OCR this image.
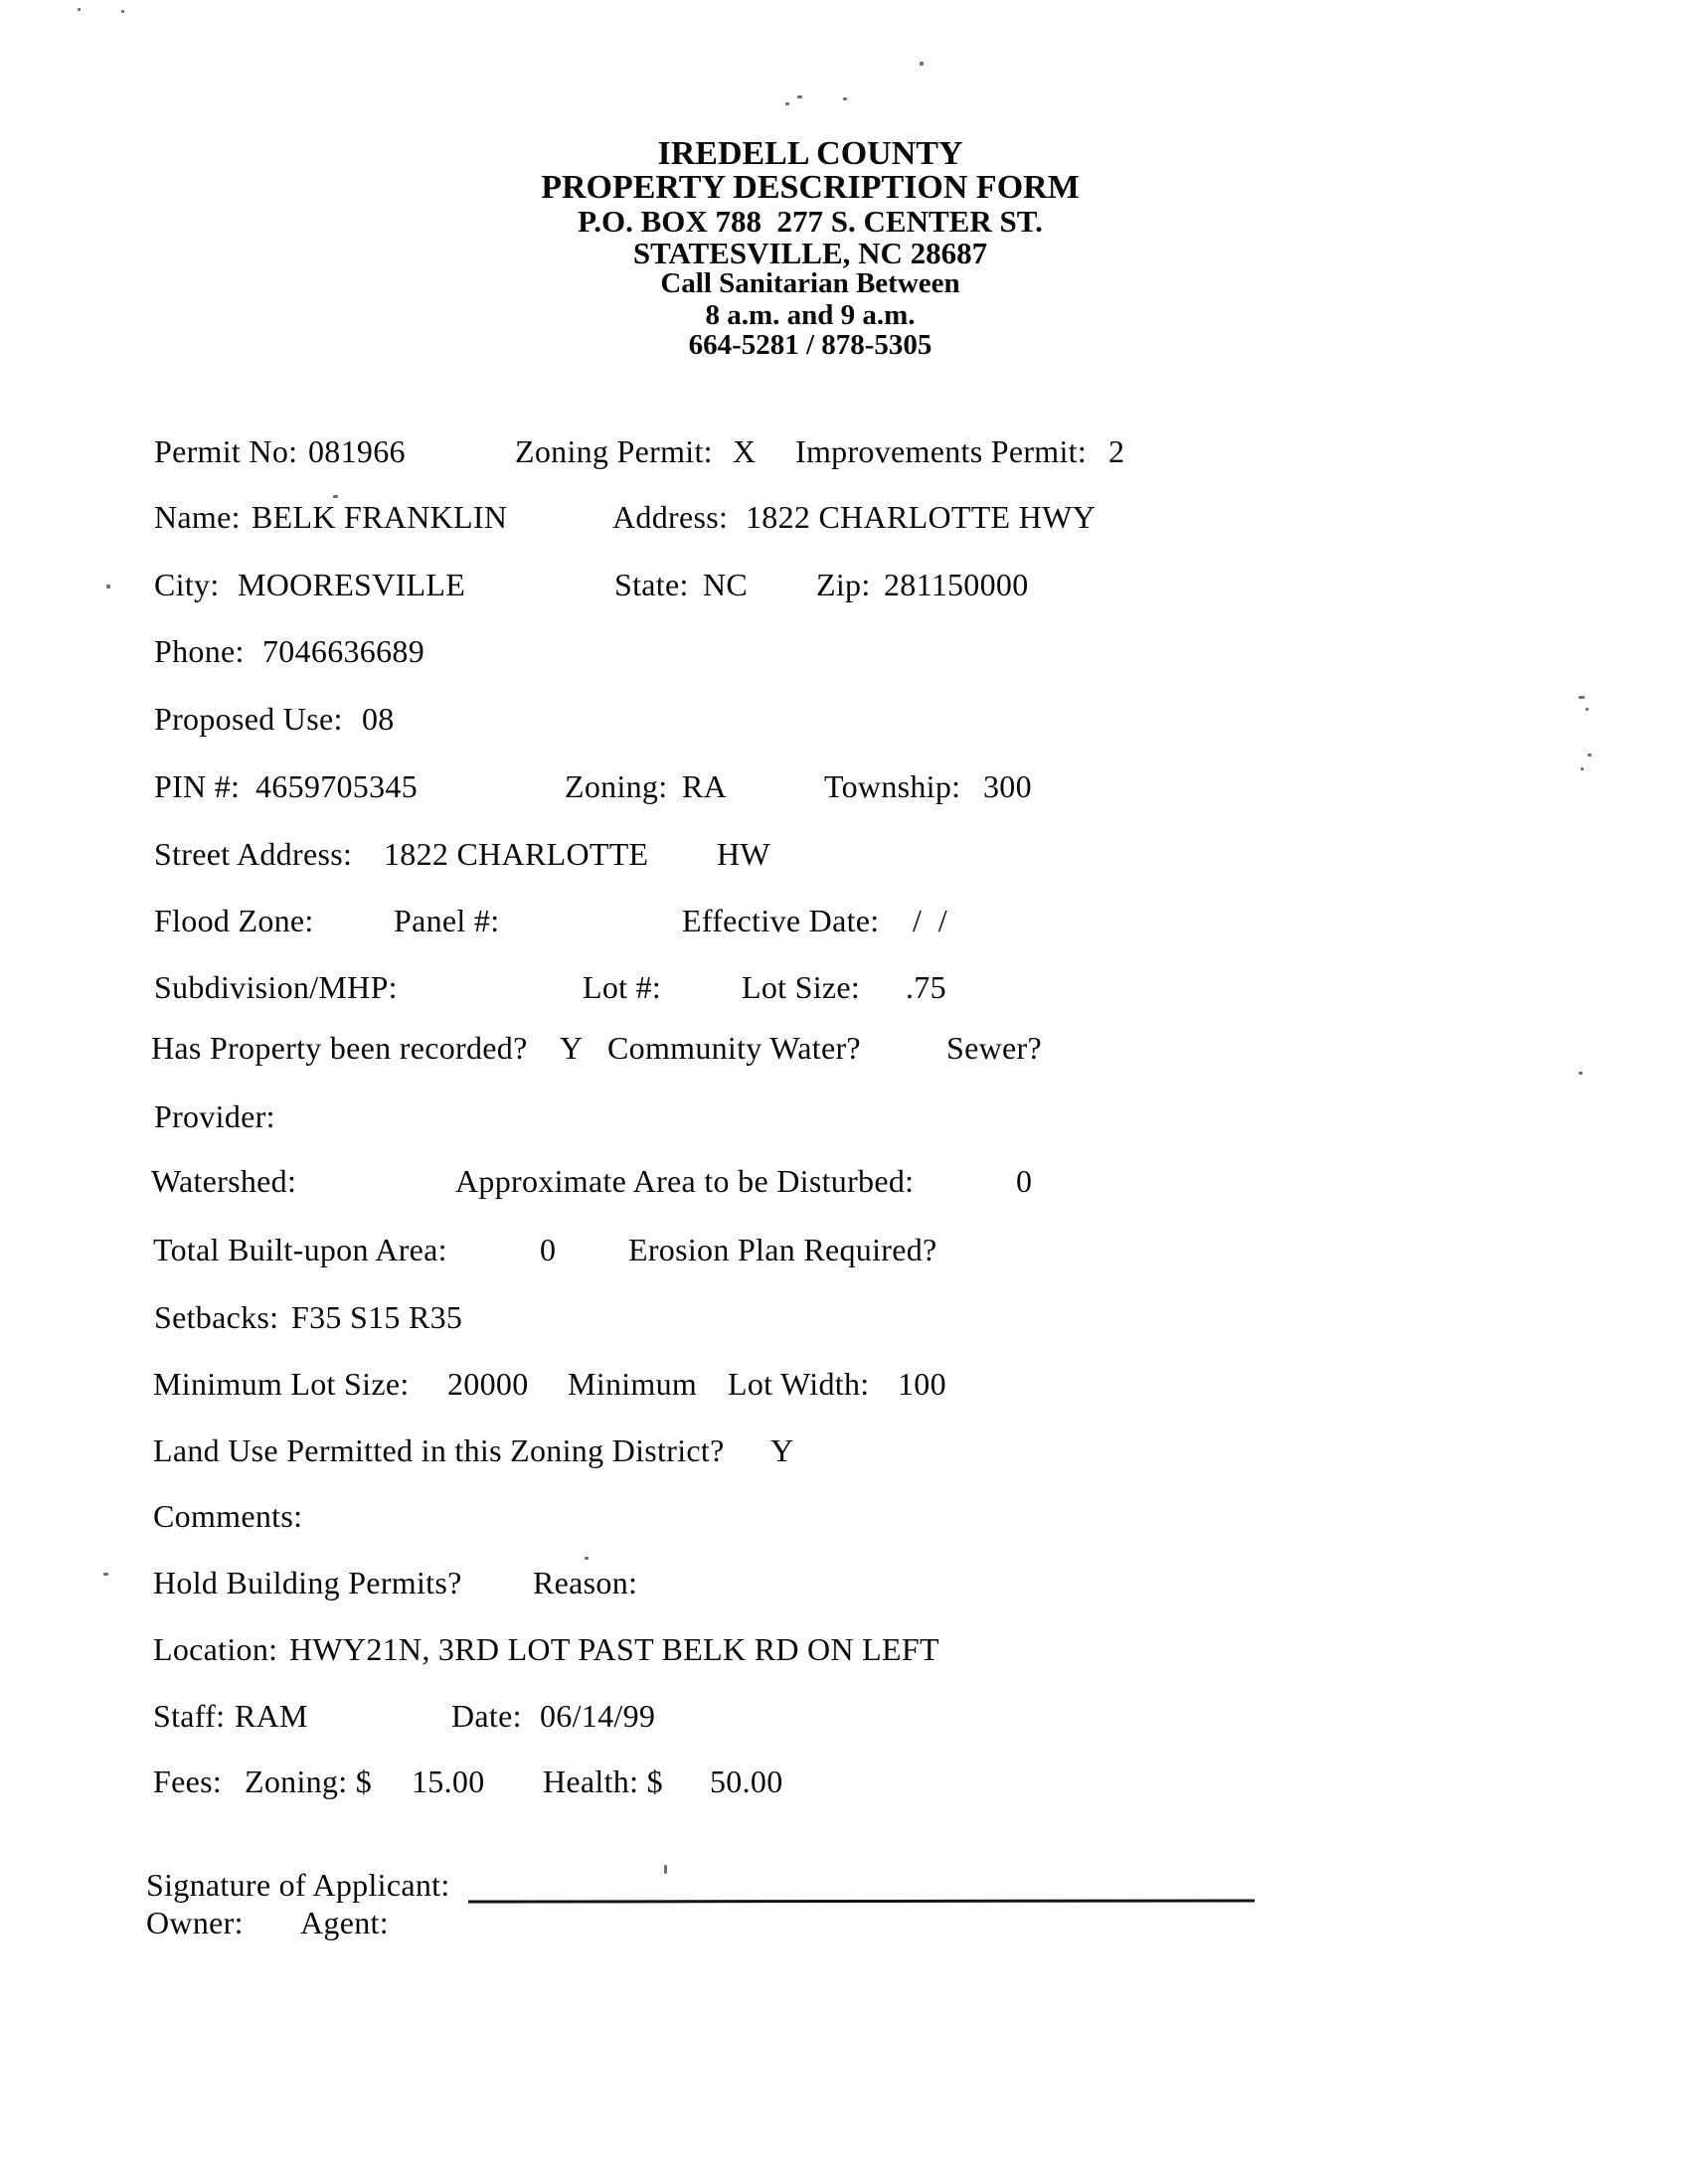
IREDELL COUNTY
PROPERTY DESCRIPTION FORM
P.O. BOX 788  277 S. CENTER ST.
STATESVILLE, NC 28687
Call Sanitarian Between
8 a.m. and 9 a.m.
664-5281 / 878-5305
Permit No: 081966	Zoning Permit: X Improvements Permit: 2
Name: BELK FRANKLIN	Address: 1822 CHARLOTTE HWY
City: MOORESVILLE	State: NC Zip: 281150000
Phone: 7046636689
Proposed Use: 08
PIN #: 4659705345	Zoning: RA	Township: 300
Street Address: 1822 CHARLOTTE HW
Flood Zone:	Panel #:	Effective Date: /  /
Subdivision/MHP:	Lot #:	Lot Size: .75
Has Property been recorded? Y Community Water?	Sewer?
Provider:
Watershed:	Approximate Area to be Disturbed:	0
Total Built-upon Area:	0 Erosion Plan Required?
Setbacks: F35 S15 R35
Minimum Lot Size: 20000 Minimum Lot Width: 100
Land Use Permitted in this Zoning District? Y
Comments:
Hold Building Permits? Reason:
Location: HWY21N, 3RD LOT PAST BELK RD ON LEFT
Staff: RAM	Date: 06/14/99
Fees: Zoning: $ 15.00 Health: $ 50.00
Signature of Applicant:
Owner: Agent:
